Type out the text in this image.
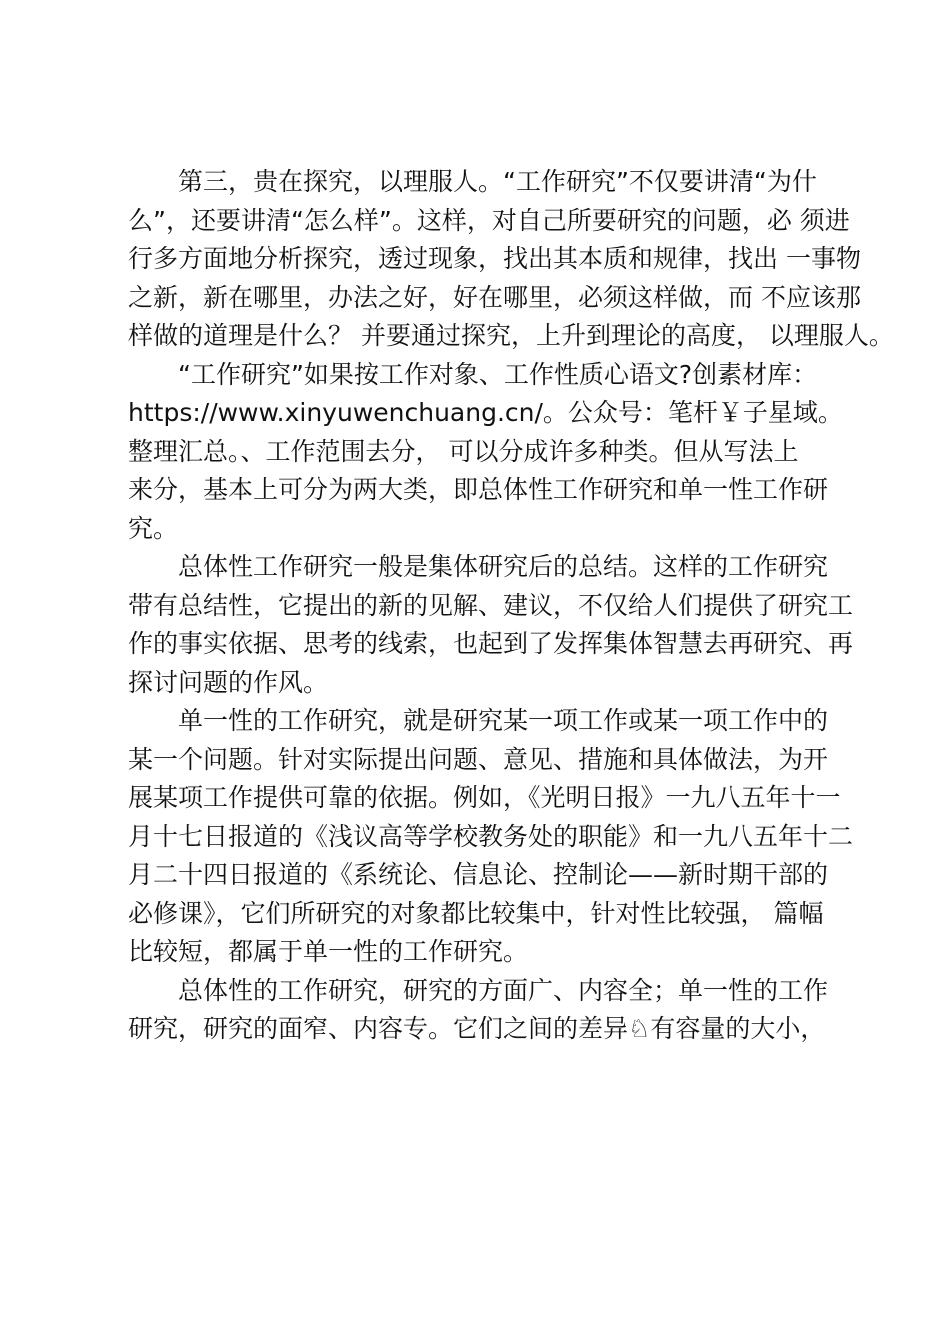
第三，贵在探究，以理服人。“工作研究”不仅要讲清“为什
么”，还要讲清“怎么样”。这样，对自己所要研究的问题，必 须进
行多方面地分析探究，透过现象，找出其本质和规律，找出 一事物
之新，新在哪里，办法之好，好在哪里，必须这样做，而 不应该那
样做的道理是什么？ 并要通过探究，上升到理论的高度， 以理服人。
“工作研究”如果按工作对象、工作性质心语文?创素材库：
https://www.xinyuwenchuang.cn/。公众号：笔杆￥子星域。
整理汇总。、工作范围去分， 可以分成许多种类。但从写法上
来分，基本上可分为两大类，即总体性工作研究和单一性工作研
究。
总体性工作研究一般是集体研究后的总结。这样的工作研究
带有总结性，它提出的新的见解、建议，不仅给人们提供了研究工
作的事实依据、思考的线索，也起到了发挥集体智慧去再研究、再
探讨问题的作风。
单一性的工作研究，就是研究某一项工作或某一项工作中的
某一个问题。针对实际提出问题、意见、措施和具体做法，为开
展某项工作提供可靠的依据。例如，《光明日报》一九八五年十一
月十七日报道的《浅议高等学校教务处的职能》和一九八五年十二
月二十四日报道的《系统论、信息论、控制论——新时期干部的
必修课》，它们所研究的对象都比较集中，针对性比较强， 篇幅
比较短，都属于单一性的工作研究。
总体性的工作研究，研究的方面广、内容全；单一性的工作
研究，研究的面窄、内容专。它们之间的差异♘有容量的大小，
